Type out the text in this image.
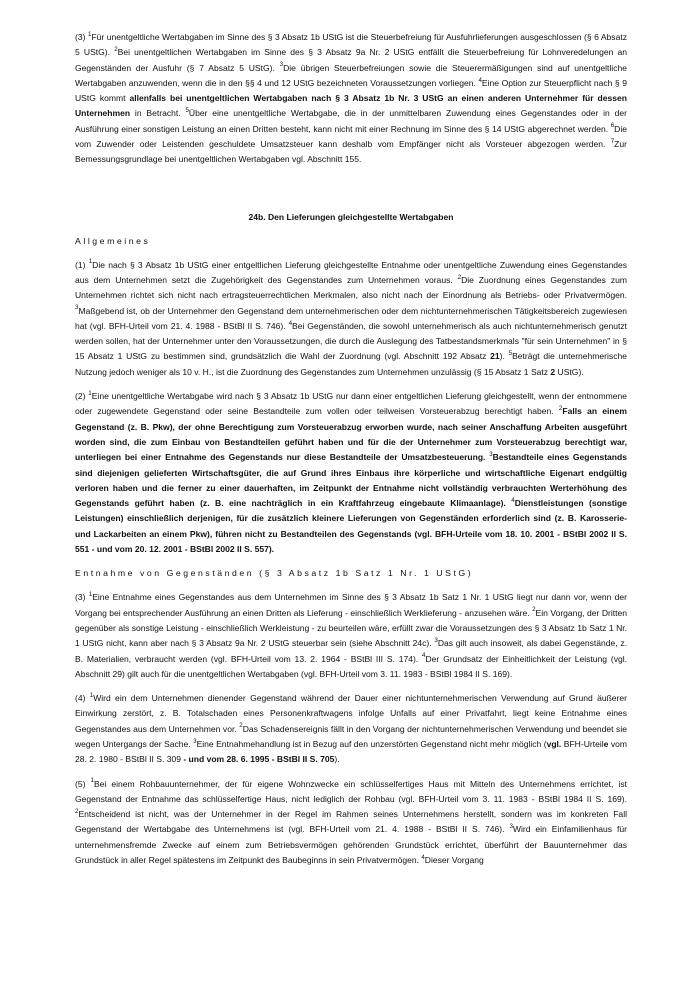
(3) $^1$Für unentgeltliche Wertabgaben im Sinne des § 3 Absatz 1b UStG ist die Steuerbefreiung für Ausfuhrlieferungen ausgeschlossen (§ 6 Absatz 5 UStG). $^2$Bei unentgeltlichen Wertabgaben im Sinne des § 3 Absatz 9a Nr. 2 UStG entfällt die Steuerbefreiung für Lohnveredelungen an Gegenständen der Ausfuhr (§ 7 Absatz 5 UStG). $^3$Die übrigen Steuerbefreiungen sowie die Steuerermäßigungen sind auf unentgeltliche Wertabgaben anzuwenden, wenn die in den §§ 4 und 12 UStG bezeichneten Voraussetzungen vorliegen. $^4$Eine Option zur Steuerpflicht nach § 9 UStG kommt allenfalls bei unentgeltlichen Wertabgaben nach § 3 Absatz 1b Nr. 3 UStG an einen anderen Unternehmer für dessen Unternehmen in Betracht. $^5$Über eine unentgeltliche Wertabgabe, die in der unmittelbaren Zuwendung eines Gegenstandes oder in der Ausführung einer sonstigen Leistung an einen Dritten besteht, kann nicht mit einer Rechnung im Sinne des § 14 UStG abgerechnet werden. $^6$Die vom Zuwender oder Leistenden geschuldete Umsatzsteuer kann deshalb vom Empfänger nicht als Vorsteuer abgezogen werden. $^7$Zur Bemessungsgrundlage bei unentgeltlichen Wertabgaben vgl. Abschnitt 155.

24b. Den Lieferungen gleichgestellte Wertabgaben

Allgemeines

(1) $^1$Die nach § 3 Absatz 1b UStG einer entgeltlichen Lieferung gleichgestellte Entnahme oder unentgeltliche Zuwendung eines Gegenstandes aus dem Unternehmen setzt die Zugehörigkeit des Gegenstandes zum Unternehmen voraus. $^2$Die Zuordnung eines Gegenstandes zum Unternehmen richtet sich nicht nach ertragsteuerrechtlichen Merkmalen, also nicht nach der Einordnung als Betriebs- oder Privatvermögen. $^3$Maßgebend ist, ob der Unternehmer den Gegenstand dem unternehmerischen oder dem nichtunternehmerischen Tätigkeitsbereich zugewiesen hat (vgl. BFH-Urteil vom 21. 4. 1988 - BStBl II S. 746). $^4$Bei Gegenständen, die sowohl unternehmerisch als auch nichtunternehmerisch genutzt werden sollen, hat der Unternehmer unter den Voraussetzungen, die durch die Auslegung des Tatbestandsmerkmals "für sein Unternehmen" in § 15 Absatz 1 UStG zu bestimmen sind, grundsätzlich die Wahl der Zuordnung (vgl. Abschnitt 192 Absatz 21). $^5$Beträgt die unternehmerische Nutzung jedoch weniger als 10 v. H., ist die Zuordnung des Gegenstandes zum Unternehmen unzulässig (§ 15 Absatz 1 Satz 2 UStG).

(2) $^1$Eine unentgeltliche Wertabgabe wird nach § 3 Absatz 1b UStG nur dann einer entgeltlichen Lieferung gleichgestellt, wenn der entnommene oder zugewendete Gegenstand oder seine Bestandteile zum vollen oder teilweisen Vorsteuerabzug berechtigt haben. $^2$Falls an einem Gegenstand (z. B. Pkw), der ohne Berechtigung zum Vorsteuerabzug erworben wurde, nach seiner Anschaffung Arbeiten ausgeführt worden sind, die zum Einbau von Bestandteilen geführt haben und für die der Unternehmer zum Vorsteuerabzug berechtigt war, unterliegen bei einer Entnahme des Gegenstands nur diese Bestandteile der Umsatzbesteuerung. $^3$Bestandteile eines Gegenstands sind diejenigen gelieferten Wirtschaftsgüter, die auf Grund ihres Einbaus ihre körperliche und wirtschaftliche Eigenart endgültig verloren haben und die ferner zu einer dauerhaften, im Zeitpunkt der Entnahme nicht vollständig verbrauchten Werterhöhung des Gegenstands geführt haben (z. B. eine nachträglich in ein Kraftfahrzeug eingebaute Klimaanlage). $^4$Dienstleistungen (sonstige Leistungen) einschließlich derjenigen, für die zusätzlich kleinere Lieferungen von Gegenständen erforderlich sind (z. B. Karosserie- und Lackarbeiten an einem Pkw), führen nicht zu Bestandteilen des Gegenstands (vgl. BFH-Urteile vom 18. 10. 2001 - BStBl 2002 II S. 551 - und vom 20. 12. 2001 - BStBl 2002 II S. 557).

Entnahme von Gegenständen (§ 3 Absatz 1b Satz 1 Nr. 1 UStG)

(3) $^1$Eine Entnahme eines Gegenstandes aus dem Unternehmen im Sinne des § 3 Absatz 1b Satz 1 Nr. 1 UStG liegt nur dann vor, wenn der Vorgang bei entsprechender Ausführung an einen Dritten als Lieferung - einschließlich Werklieferung - anzusehen wäre. $^2$Ein Vorgang, der Dritten gegenüber als sonstige Leistung - einschließlich Werkleistung - zu beurteilen wäre, erfüllt zwar die Voraussetzungen des § 3 Absatz 1b Satz 1 Nr. 1 UStG nicht, kann aber nach § 3 Absatz 9a Nr. 2 UStG steuerbar sein (siehe Abschnitt 24c). $^3$Das gilt auch insoweit, als dabei Gegenstände, z. B. Materialien, verbraucht werden (vgl. BFH-Urteil vom 13. 2. 1964 - BStBl III S. 174). $^4$Der Grundsatz der Einheitlichkeit der Leistung (vgl. Abschnitt 29) gilt auch für die unentgeltlichen Wertabgaben (vgl. BFH-Urteil vom 3. 11. 1983 - BStBl 1984 II S. 169).

(4) $^1$Wird ein dem Unternehmen dienender Gegenstand während der Dauer einer nichtunternehmerischen Verwendung auf Grund äußerer Einwirkung zerstört, z. B. Totalschaden eines Personenkraftwagens infolge Unfalls auf einer Privatfahrt, liegt keine Entnahme eines Gegenstandes aus dem Unternehmen vor. $^2$Das Schadensereignis fällt in den Vorgang der nichtunternehmerischen Verwendung und beendet sie wegen Untergangs der Sache. $^3$Eine Entnahmehandlung ist in Bezug auf den unzerstörten Gegenstand nicht mehr möglich (vgl. BFH-Urteile vom 28. 2. 1980 - BStBl II S. 309 - und vom 28. 6. 1995 - BStBl II S. 705).

(5) $^1$Bei einem Rohbauunternehmer, der für eigene Wohnzwecke ein schlüsselfertiges Haus mit Mitteln des Unternehmens errichtet, ist Gegenstand der Entnahme das schlüsselfertige Haus, nicht lediglich der Rohbau (vgl. BFH-Urteil vom 3. 11. 1983 - BStBl 1984 II S. 169). $^2$Entscheidend ist nicht, was der Unternehmer in der Regel im Rahmen seines Unternehmens herstellt, sondern was im konkreten Fall Gegenstand der Wertabgabe des Unternehmens ist (vgl. BFH-Urteil vom 21. 4. 1988 - BStBl II S. 746). $^3$Wird ein Einfamilienhaus für unternehmensfremde Zwecke auf einem zum Betriebsvermögen gehörenden Grundstück errichtet, überführt der Bauunternehmer das Grundstück in aller Regel spätestens im Zeitpunkt des Baubeginns in sein Privatvermögen. $^4$Dieser Vorgang
